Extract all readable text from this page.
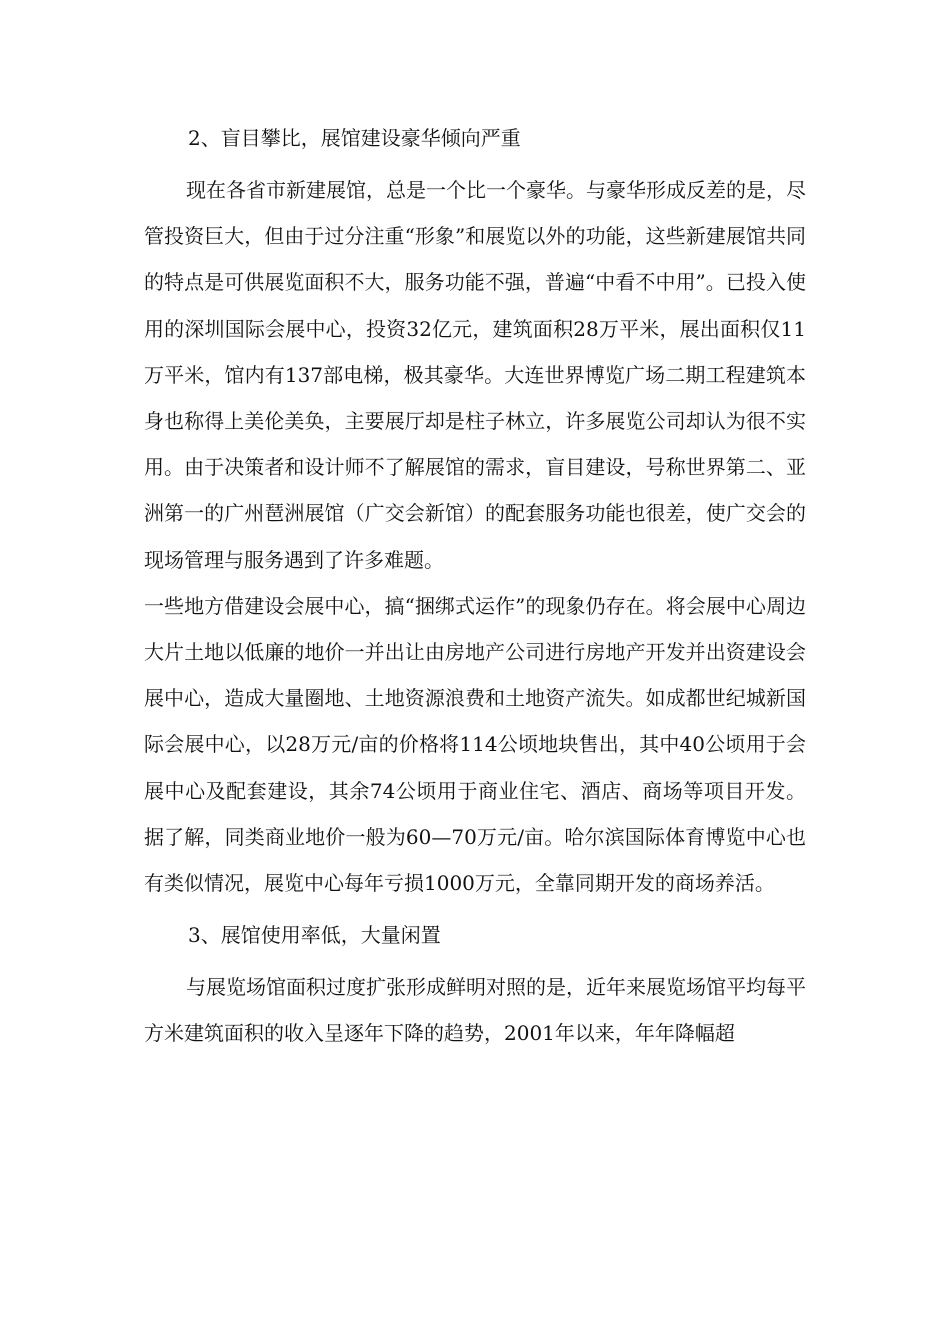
2、盲目攀比，展馆建设豪华倾向严重

现在各省市新建展馆，总是一个比一个豪华。与豪华形成反差的是，尽管投资巨大，但由于过分注重“形象”和展览以外的功能，这些新建展馆共同的特点是可供展览面积不大，服务功能不强，普遍“中看不中用”。已投入使用的深圳国际会展中心，投资32亿元，建筑面积28万平米，展出面积仅11万平米，馆内有137部电梯，极其豪华。大连世界博览广场二期工程建筑本身也称得上美伦美奂，主要展厅却是柱子林立，许多展览公司却认为很不实用。由于决策者和设计师不了解展馆的需求，盲目建设，号称世界第二、亚洲第一的广州琶洲展馆（广交会新馆）的配套服务功能也很差，使广交会的现场管理与服务遇到了许多难题。

一些地方借建设会展中心，搞“捆绑式运作”的现象仍存在。将会展中心周边大片土地以低廉的地价一并出让由房地产公司进行房地产开发并出资建设会展中心，造成大量圈地、土地资源浪费和土地资产流失。如成都世纪城新国际会展中心，以28万元/亩的价格将114公顷地块售出，其中40公顷用于会展中心及配套建设，其余74公顷用于商业住宅、酒店、商场等项目开发。据了解，同类商业地价一般为60—70万元/亩。哈尔滨国际体育博览中心也有类似情况，展览中心每年亏损1000万元，全靠同期开发的商场养活。

3、展馆使用率低，大量闲置

与展览场馆面积过度扩张形成鲜明对照的是，近年来展览场馆平均每平方米建筑面积的收入呈逐年下降的趋势，2001年以来，年年降幅超
